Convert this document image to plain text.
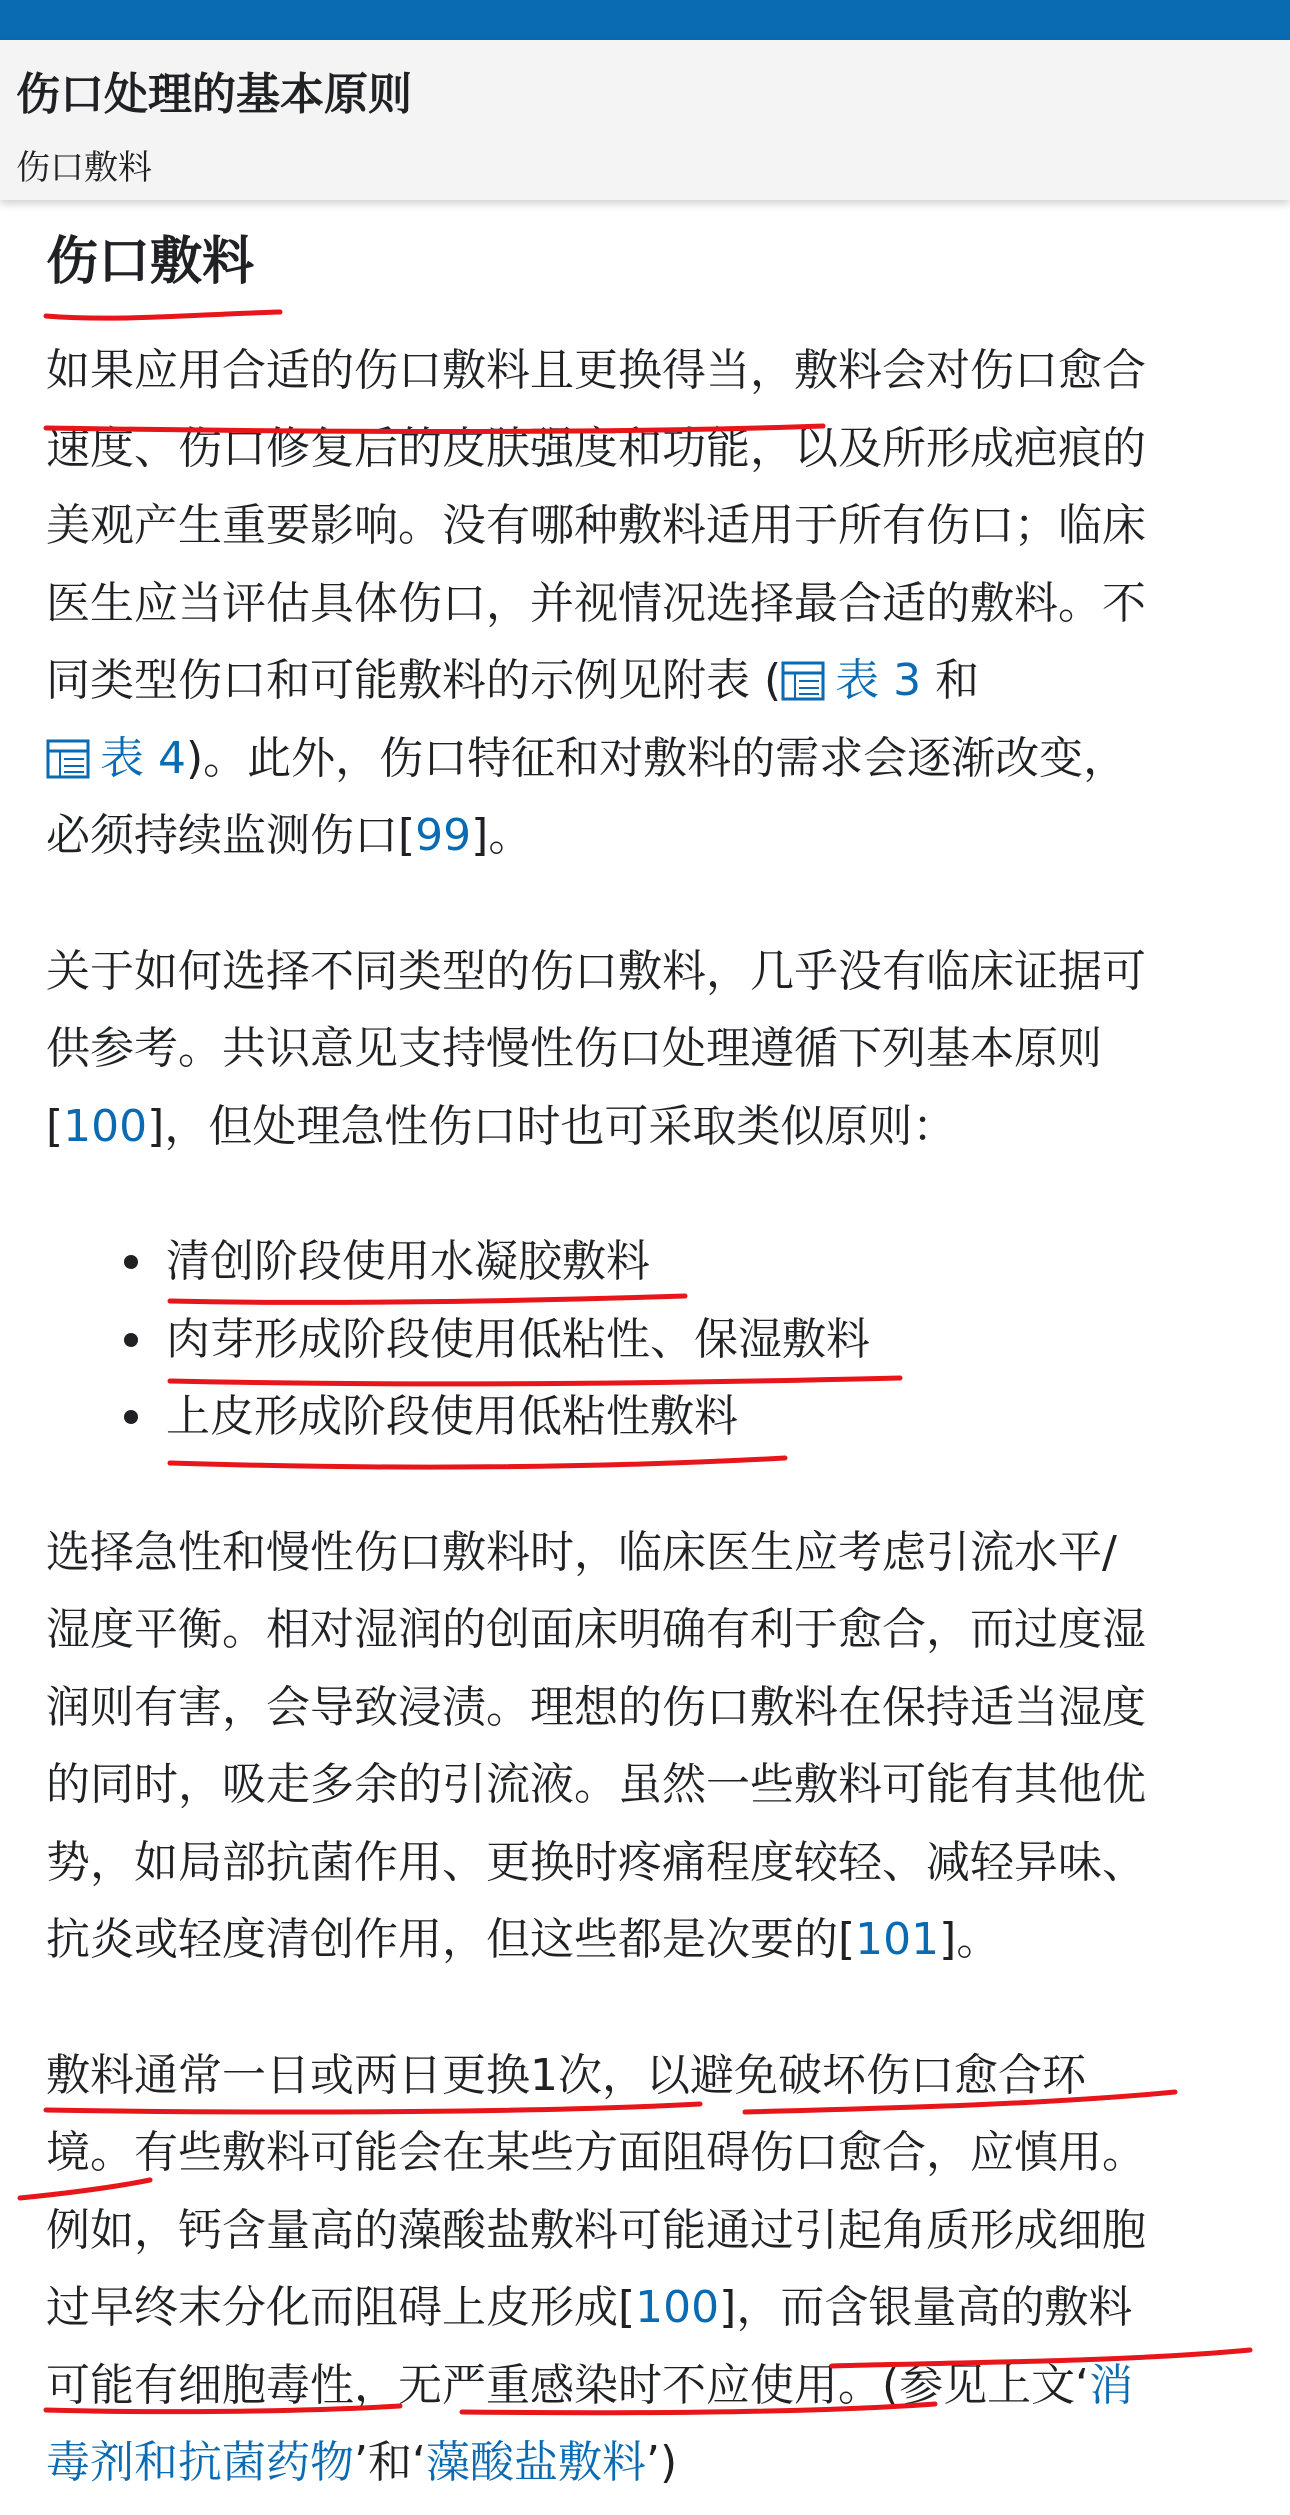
伤口处理的基本原则
伤口敷料
伤口敷料
如果应用合适的伤口敷料且更换得当，敷料会对伤口愈合
速度、伤口修复后的皮肤强度和功能，以及所形成疤痕的
美观产生重要影响。没有哪种敷料适用于所有伤口；临床
医生应当评估具体伤口，并视情况选择最合适的敷料。不
同类型伤口和可能敷料的示例见附表 ( 表 3 和
表 4)。此外，伤口特征和对敷料的需求会逐渐改变，
必须持续监测伤口[99]。
关于如何选择不同类型的伤口敷料，几乎没有临床证据可
供参考。共识意见支持慢性伤口处理遵循下列基本原则
[100]，但处理急性伤口时也可采取类似原则：
清创阶段使用水凝胶敷料
肉芽形成阶段使用低粘性、保湿敷料
上皮形成阶段使用低粘性敷料
选择急性和慢性伤口敷料时，临床医生应考虑引流水平/
湿度平衡。相对湿润的创面床明确有利于愈合，而过度湿
润则有害，会导致浸渍。理想的伤口敷料在保持适当湿度
的同时，吸走多余的引流液。虽然一些敷料可能有其他优
势，如局部抗菌作用、更换时疼痛程度较轻、减轻异味、
抗炎或轻度清创作用，但这些都是次要的[101]。
敷料通常一日或两日更换1次，以避免破坏伤口愈合环
境。有些敷料可能会在某些方面阻碍伤口愈合，应慎用。
例如，钙含量高的藻酸盐敷料可能通过引起角质形成细胞
过早终末分化而阻碍上皮形成[100]，而含银量高的敷料
可能有细胞毒性，无严重感染时不应使用。(参见上文‘消
毒剂和抗菌药物’和‘藻酸盐敷料’)
